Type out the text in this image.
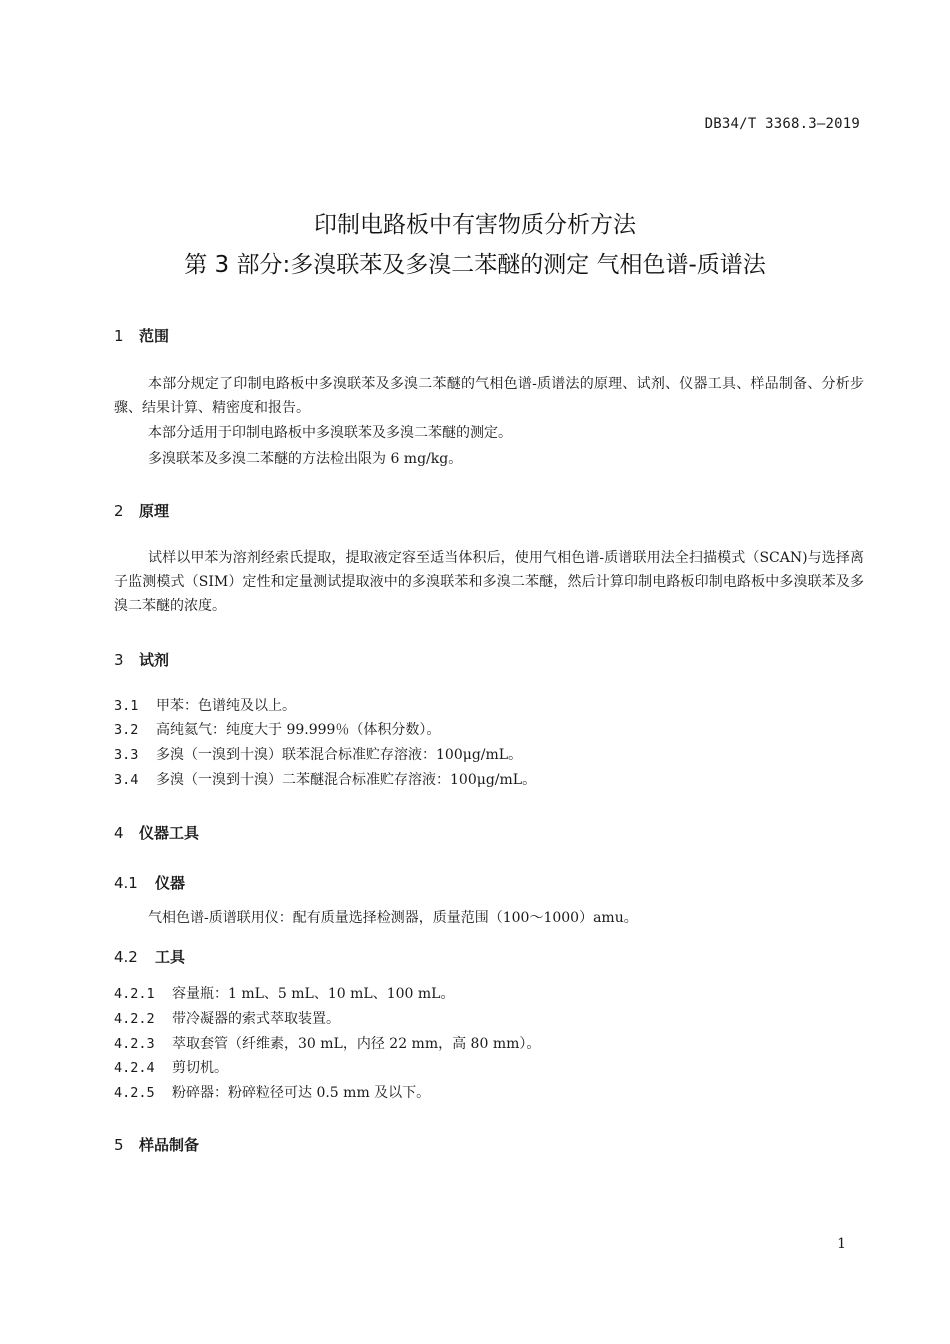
DB34/T 3368.3—2019
印制电路板中有害物质分析方法
第 3 部分:多溴联苯及多溴二苯醚的测定 气相色谱-质谱法
1 范围
本部分规定了印制电路板中多溴联苯及多溴二苯醚的气相色谱-质谱法的原理、试剂、仪器工具、样品制备、分析步骤、结果计算、精密度和报告。
本部分适用于印制电路板中多溴联苯及多溴二苯醚的测定。
多溴联苯及多溴二苯醚的方法检出限为 6 mg/kg。
2 原理
试样以甲苯为溶剂经索氏提取，提取液定容至适当体积后，使用气相色谱-质谱联用法全扫描模式（SCAN)与选择离子监测模式（SIM）定性和定量测试提取液中的多溴联苯和多溴二苯醚，然后计算印制电路板印制电路板中多溴联苯及多溴二苯醚的浓度。
3 试剂
3.1 甲苯：色谱纯及以上。
3.2 高纯氦气：纯度大于 99.999％（体积分数）。
3.3 多溴（一溴到十溴）联苯混合标准贮存溶液：100μg/mL。
3.4 多溴（一溴到十溴）二苯醚混合标准贮存溶液：100μg/mL。
4 仪器工具
4.1 仪器
气相色谱-质谱联用仪：配有质量选择检测器，质量范围（100～1000）amu。
4.2 工具
4.2.1 容量瓶：1 mL、5 mL、10 mL、100 mL。
4.2.2 带冷凝器的索式萃取装置。
4.2.3 萃取套管（纤维素，30 mL，内径 22 mm，高 80 mm）。
4.2.4 剪切机。
4.2.5 粉碎器：粉碎粒径可达 0.5 mm 及以下。
5 样品制备
1
